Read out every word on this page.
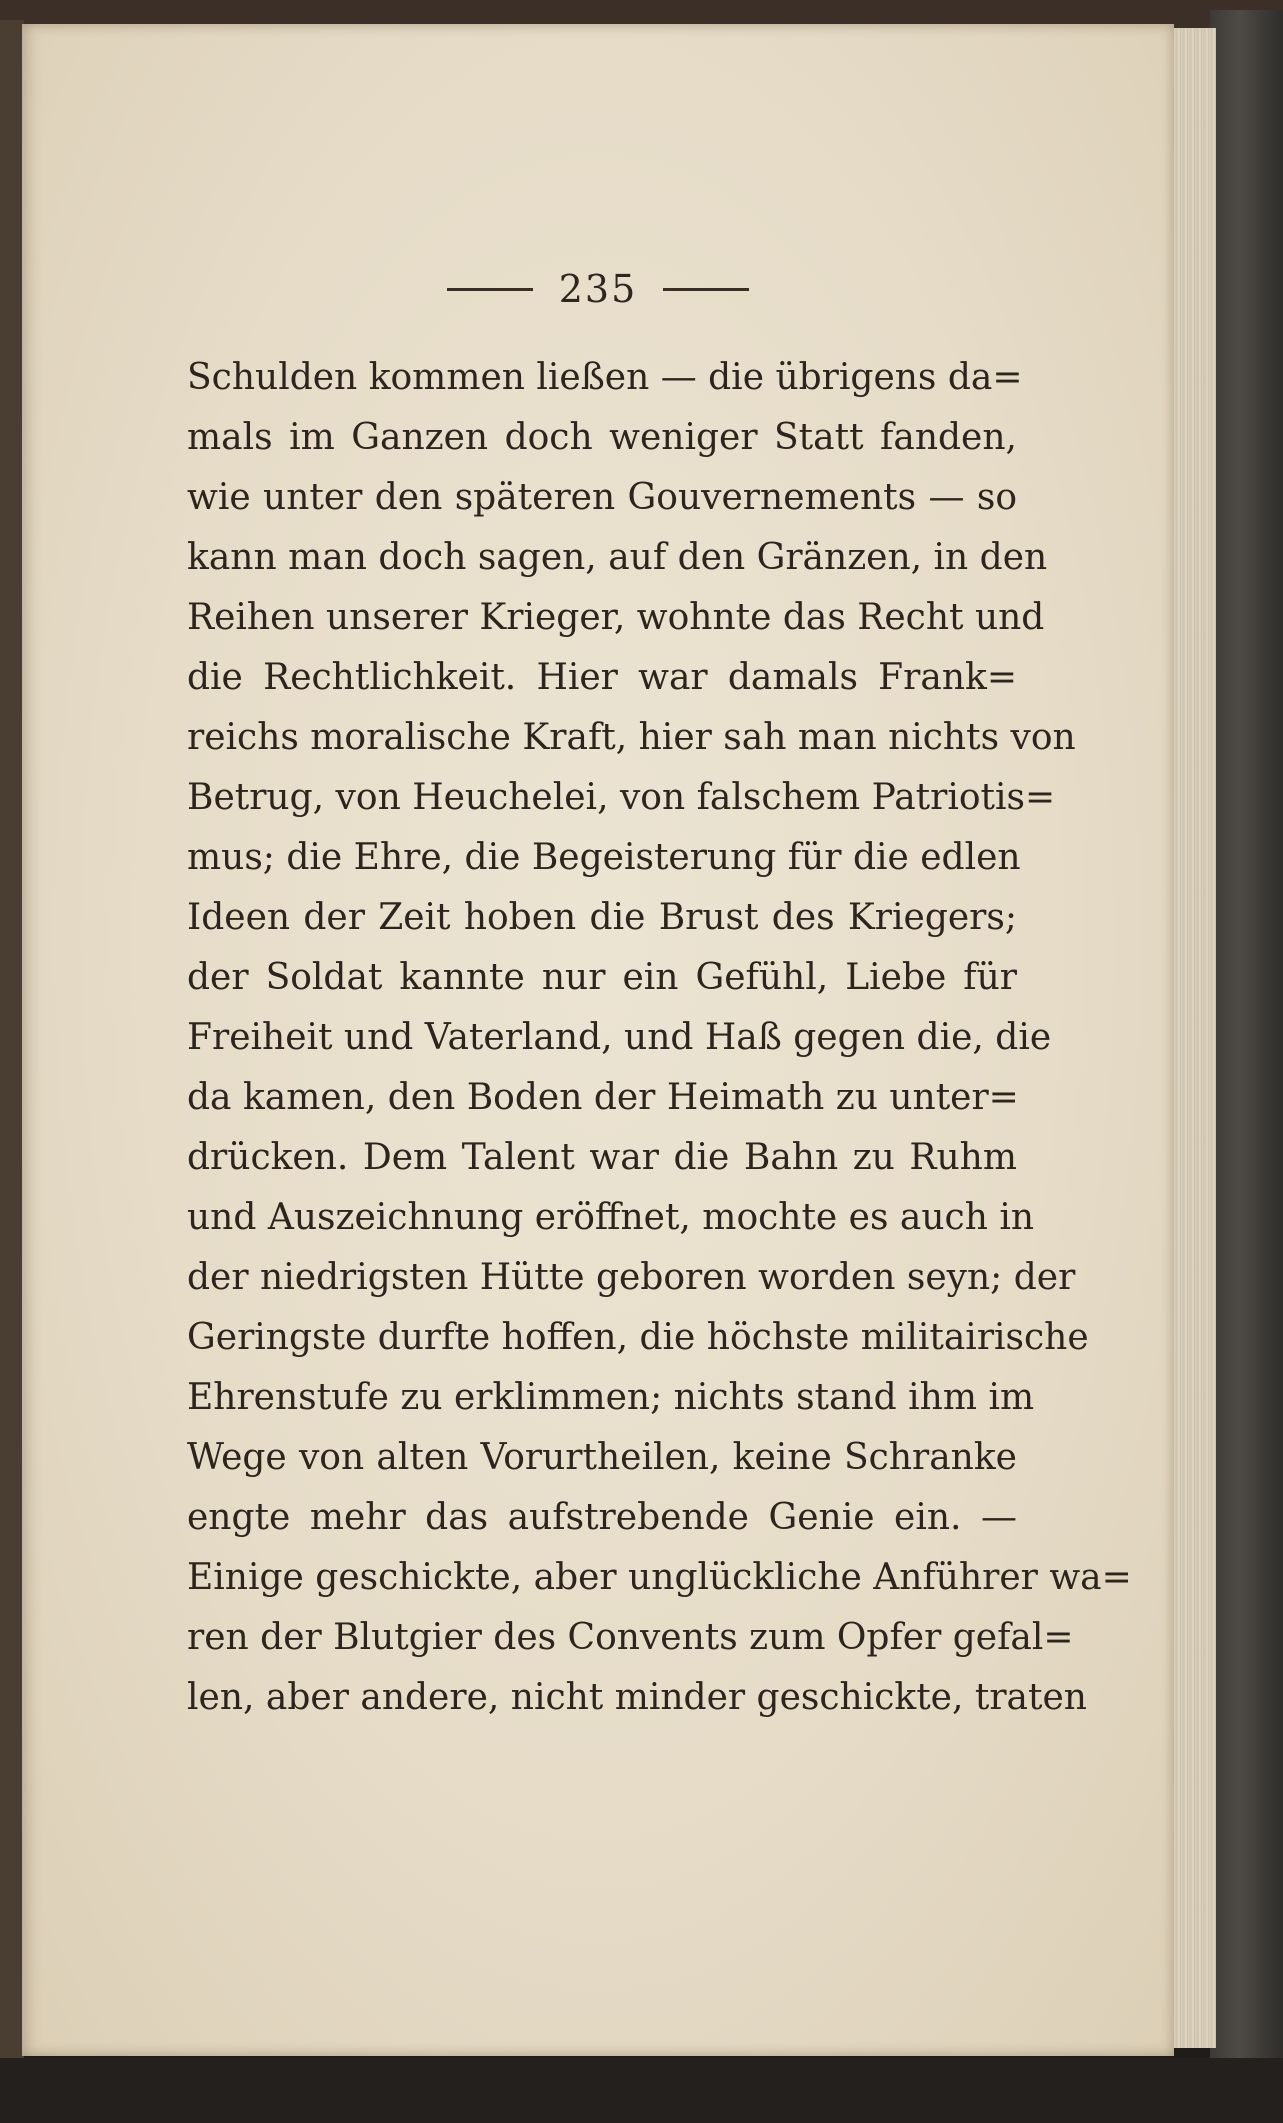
235
Schulden kommen ließen — die übrigens da=
mals im Ganzen doch weniger Statt fanden,
wie unter den späteren Gouvernements — so
kann man doch sagen, auf den Gränzen, in den
Reihen unserer Krieger, wohnte das Recht und
die Rechtlichkeit. Hier war damals Frank=
reichs moralische Kraft, hier sah man nichts von
Betrug, von Heuchelei, von falschem Patriotis=
mus; die Ehre, die Begeisterung für die edlen
Ideen der Zeit hoben die Brust des Kriegers;
der Soldat kannte nur ein Gefühl, Liebe für
Freiheit und Vaterland, und Haß gegen die, die
da kamen, den Boden der Heimath zu unter=
drücken. Dem Talent war die Bahn zu Ruhm
und Auszeichnung eröffnet, mochte es auch in
der niedrigsten Hütte geboren worden seyn; der
Geringste durfte hoffen, die höchste militairische
Ehrenstufe zu erklimmen; nichts stand ihm im
Wege von alten Vorurtheilen, keine Schranke
engte mehr das aufstrebende Genie ein. —
Einige geschickte, aber unglückliche Anführer wa=
ren der Blutgier des Convents zum Opfer gefal=
len, aber andere, nicht minder geschickte, traten
